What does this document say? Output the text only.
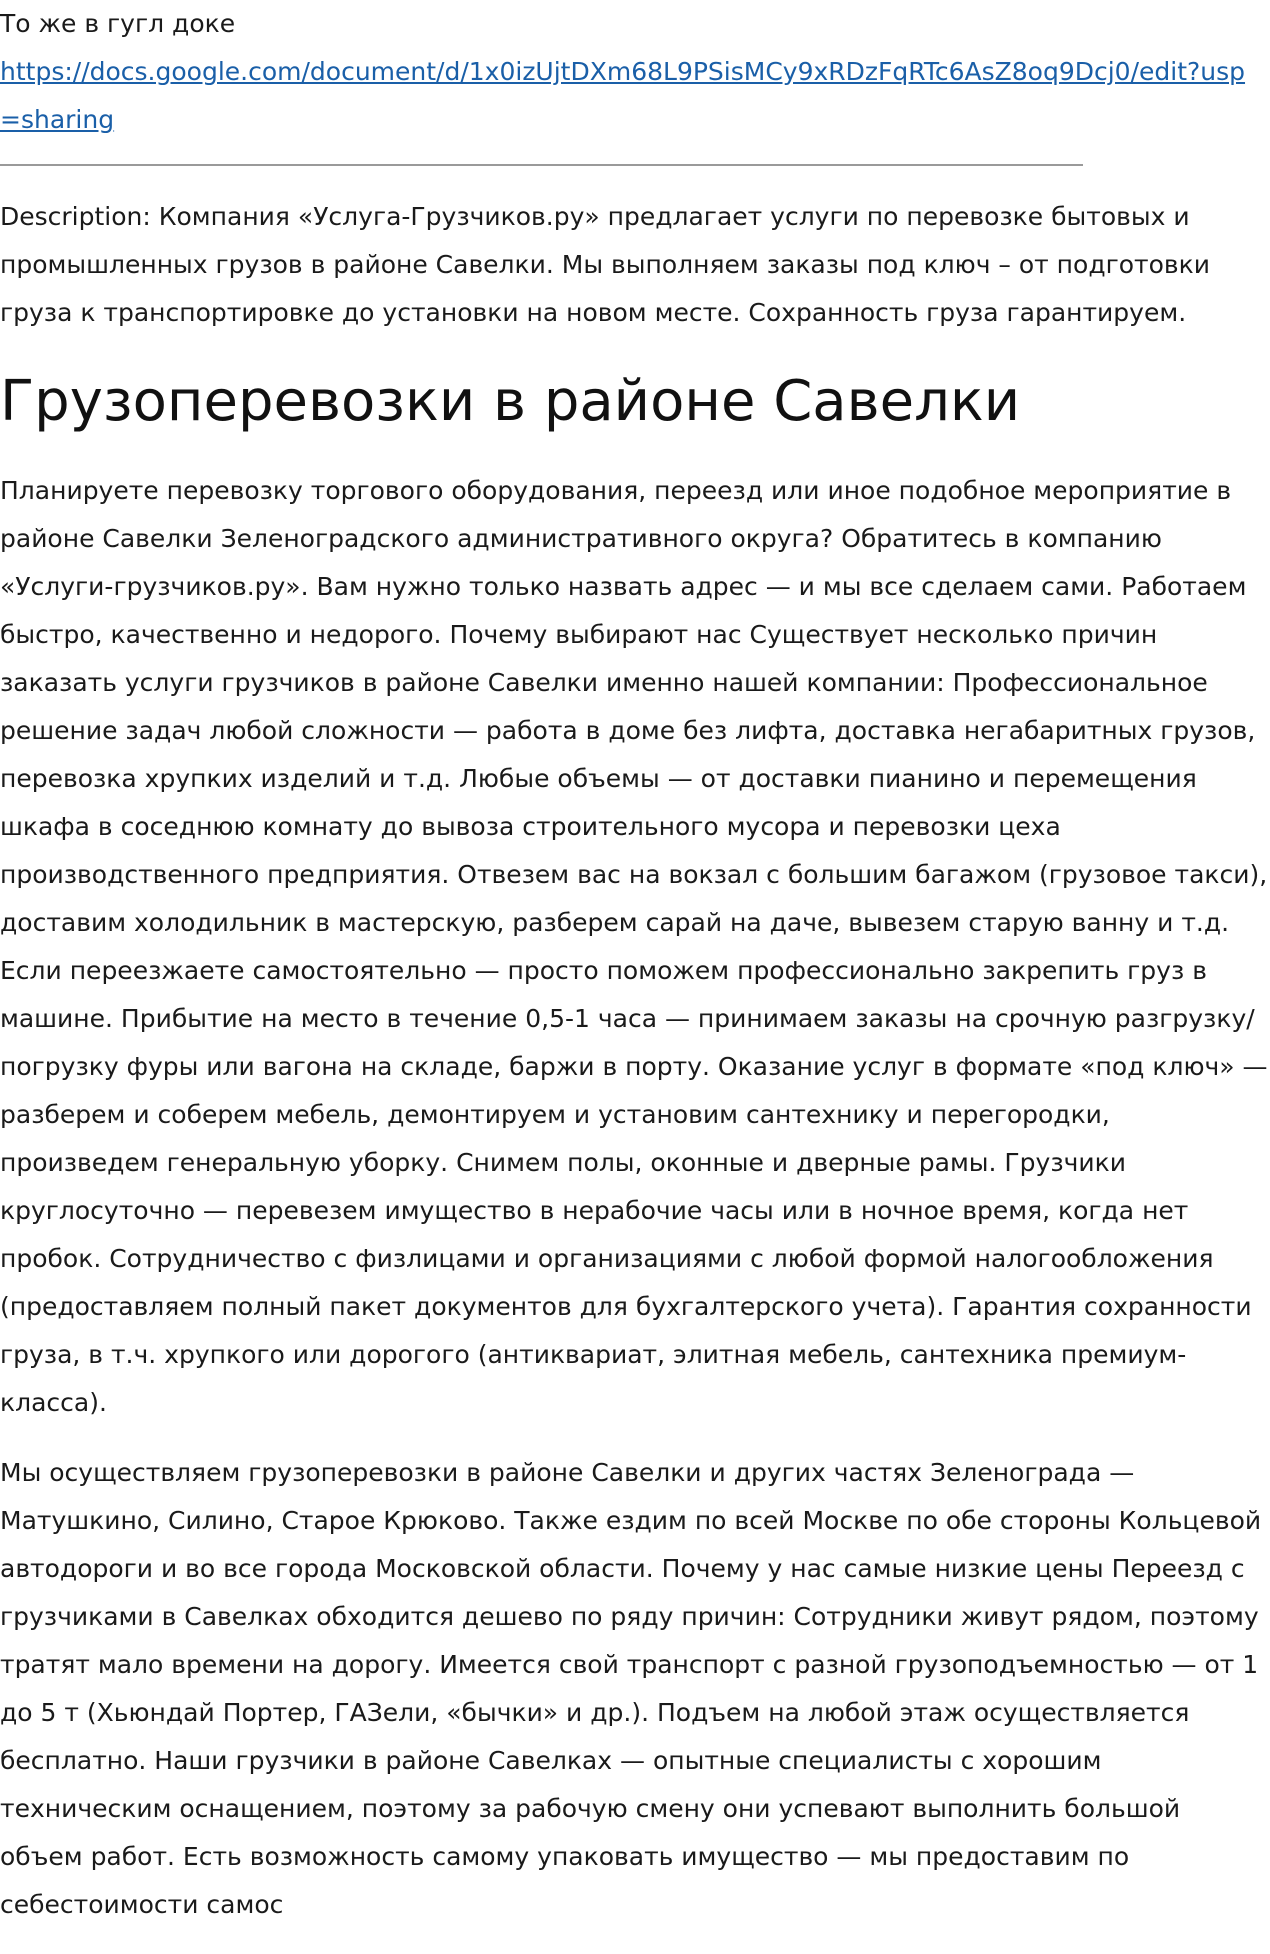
То же в гугл доке

https://docs.google.com/document/d/1x0izUjtDXm68L9PSisMCy9xRDzFqRTc6AsZ8oq9Dcj0/edit?usp=sharing

Description: Компания «Услуга-Грузчиков.ру» предлагает услуги по перевозке бытовых и промышленных грузов в районе Савелки. Мы выполняем заказы под ключ – от подготовки груза к транспортировке до установки на новом месте. Сохранность груза гарантируем.

Грузоперевозки в районе Савелки

Планируете перевозку торгового оборудования, переезд или иное подобное мероприятие в районе Савелки Зеленоградского административного округа? Обратитесь в компанию «Услуги-грузчиков.ру». Вам нужно только назвать адрес — и мы все сделаем сами. Работаем быстро, качественно и недорого. Почему выбирают нас Существует несколько причин заказать услуги грузчиков в районе Савелки именно нашей компании: Профессиональное решение задач любой сложности — работа в доме без лифта, доставка негабаритных грузов, перевозка хрупких изделий и т.д. Любые объемы — от доставки пианино и перемещения шкафа в соседнюю комнату до вывоза строительного мусора и перевозки цеха производственного предприятия. Отвезем вас на вокзал с большим багажом (грузовое такси), доставим холодильник в мастерскую, разберем сарай на даче, вывезем старую ванну и т.д. Если переезжаете самостоятельно — просто поможем профессионально закрепить груз в машине. Прибытие на место в течение 0,5-1 часа — принимаем заказы на срочную разгрузку/погрузку фуры или вагона на складе, баржи в порту. Оказание услуг в формате «под ключ» — разберем и соберем мебель, демонтируем и установим сантехнику и перегородки, произведем генеральную уборку. Снимем полы, оконные и дверные рамы. Грузчики круглосуточно — перевезем имущество в нерабочие часы или в ночное время, когда нет пробок. Сотрудничество с физлицами и организациями с любой формой налогообложения (предоставляем полный пакет документов для бухгалтерского учета). Гарантия сохранности груза, в т.ч. хрупкого или дорогого (антиквариат, элитная мебель, сантехника премиум-класса).

Мы осуществляем грузоперевозки в районе Савелки и других частях Зеленограда — Матушкино, Силино, Старое Крюково. Также ездим по всей Москве по обе стороны Кольцевой автодороги и во все города Московской области. Почему у нас самые низкие цены Переезд с грузчиками в Савелках обходится дешево по ряду причин: Сотрудники живут рядом, поэтому тратят мало времени на дорогу. Имеется свой транспорт с разной грузоподъемностью — от 1 до 5 т (Хьюндай Портер, ГАЗели, «бычки» и др.). Подъем на любой этаж осуществляется бесплатно. Наши грузчики в районе Савелках — опытные специалисты с хорошим техническим оснащением, поэтому за рабочую смену они успевают выполнить большой объем работ. Есть возможность самому упаковать имущество — мы предоставим по себестоимости самос
